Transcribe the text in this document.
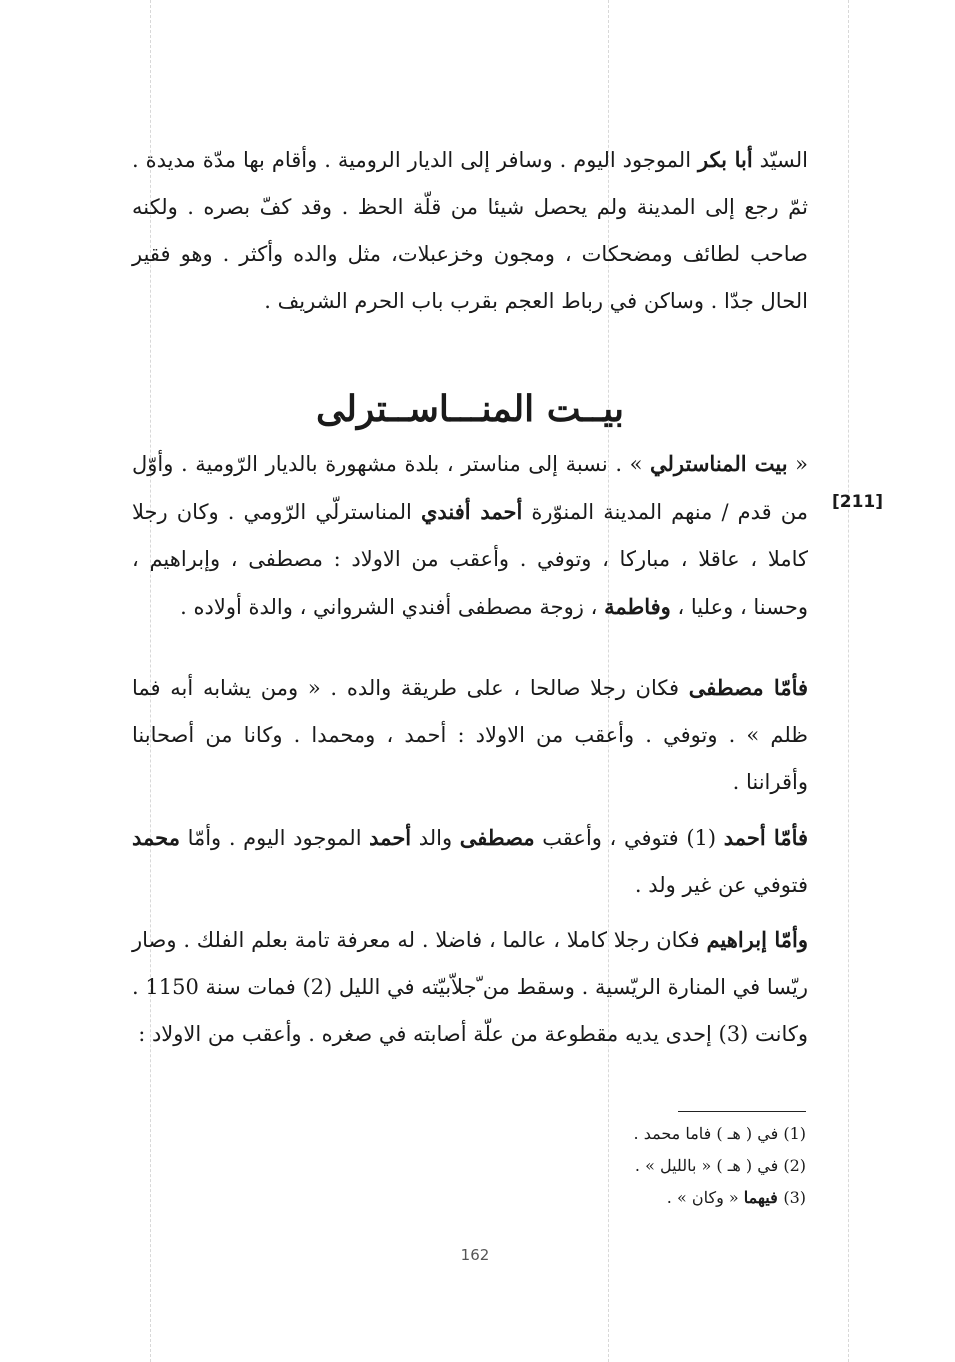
السيّد أبا بكر الموجود اليوم . وسافر إلى الديار الرومية . وأقام بها مدّة مديدة . ثمّ رجع إلى المدينة ولم يحصل شيئا من قلّة الحظ . وقد كفّ بصره . ولكنه صاحب لطائف ومضحكات ، ومجون وخزعبلات، مثل والده وأكثر . وهو فقير الحال جدّا . وساكن في رباط العجم بقرب باب الحرم الشريف .

بيــت المنـــاســترلى

« بيت المناسترلي » . نسبة إلى مناستر ، بلدة مشهورة بالديار الرّومية . وأوّل من قدم / منهم المدينة المنوّرة أحمد أفندي المناسترلّي الرّومي . وكان رجلا كاملا ، عاقلا ، مباركا ، وتوفي . وأعقب من الاولاد : مصطفى ، وإبراهيم ، وحسنا ، وعليا ، وفاطمة ، زوجة مصطفى أفندي الشرواني ، والدة أولاده .

[211]

فأمّا مصطفى فكان رجلا صالحا ، على طريقة والده . « ومن يشابه أبه فما ظلم » . وتوفي . وأعقب من الاولاد : أحمد ، ومحمدا . وكانا من أصحابنا وأقراننا .

فأمّا أحمد (1) فتوفي ، وأعقب مصطفى والد أحمد الموجود اليوم . وأمّا محمد فتوفي عن غير ولد .

وأمّا إبراهيم فكان رجلا كاملا ، عالما ، فاضلا . له معرفة تامة بعلم الفلك . وصار ريّسا في المنارة الريّسية . وسقط من ّجلاّبيّته في الليل (2) فمات سنة 1150 . وكانت (3) إحدى يديه مقطوعة من علّة أصابته في صغره . وأعقب من الاولاد :

(1) في ( هـ ) فاما محمد .
(2) في ( هـ ) « بالليل » .
(3) فيهما « وكان » .
162
